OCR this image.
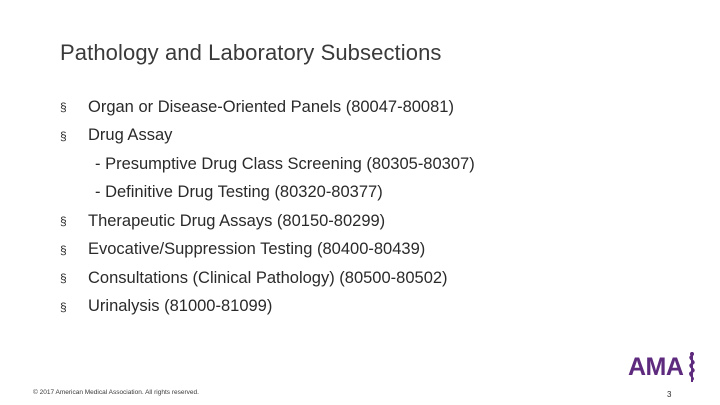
Pathology and Laboratory Subsections
§	Organ or Disease-Oriented Panels (80047-80081)
§	Drug Assay
- Presumptive Drug Class Screening (80305-80307)
- Definitive Drug Testing (80320-80377)
§	Therapeutic Drug Assays (80150-80299)
§	Evocative/Suppression Testing (80400-80439)
§	Consultations (Clinical Pathology) (80500-80502)
§	Urinalysis (81000-81099)
© 2017 American Medical Association. All rights reserved.
AMA
3
